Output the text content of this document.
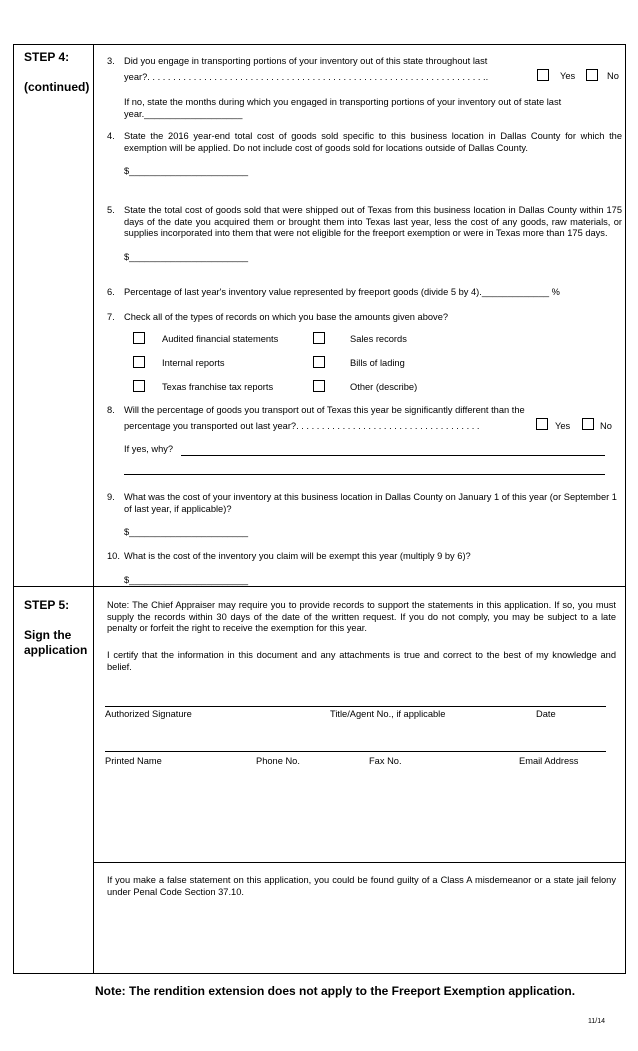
STEP 4:
(continued)
3. Did you engage in transporting portions of your inventory out of this state throughout last
year?. . . . . . . . . . . . . . . . . . . . . . . . . . . . . . . . . . . . . . . . . . . . . . . . . . . . . . . . . . . . . . . . . ..	Yes	No
If no, state the months during which you engaged in transporting portions of your inventory out of state last
year.___________________
4. State the 2016 year-end total cost of goods sold specific to this business location in Dallas County for which the exemption will be applied. Do not include cost of goods sold for locations outside of Dallas County.
$_______________________
5. State the total cost of goods sold that were shipped out of Texas from this business location in Dallas County within 175 days of the date you acquired them or brought them into Texas last year, less the cost of any goods, raw materials, or supplies incorporated into them that were not eligible for the freeport exemption or were in Texas more than 175 days.
$_______________________
6. Percentage of last year's inventory value represented by freeport goods (divide 5 by 4)._____________ %
7. Check all of the types of records on which you base the amounts given above?
Audited financial statements	Sales records
Internal reports	Bills of lading
Texas franchise tax reports	Other (describe)
8. Will the percentage of goods you transport out of Texas this year be significantly different than the
percentage you transported out last year?. . . . . . . . . . . . . . . . . . . . . . . . . . . . . . . . . . . .	Yes	No
If yes, why?
9. What was the cost of your inventory at this business location in Dallas County on January 1 of this year (or September 1 of last year, if applicable)?
$_______________________
10. What is the cost of the inventory you claim will be exempt this year (multiply 9 by 6)?
$_______________________
STEP 5:
Sign the
application
Note: The Chief Appraiser may require you to provide records to support the statements in this application. If so, you must supply the records within 30 days of the date of the written request. If you do not comply, you may be subject to a late penalty or forfeit the right to receive the exemption for this year.
I certify that the information in this document and any attachments is true and correct to the best of my knowledge and belief.
Authorized Signature	Title/Agent No., if applicable	Date
Printed Name	Phone No.	Fax No.	Email Address
If you make a false statement on this application, you could be found guilty of a Class A misdemeanor or a state jail felony under Penal Code Section 37.10.
Note: The rendition extension does not apply to the Freeport Exemption application.
11/14
